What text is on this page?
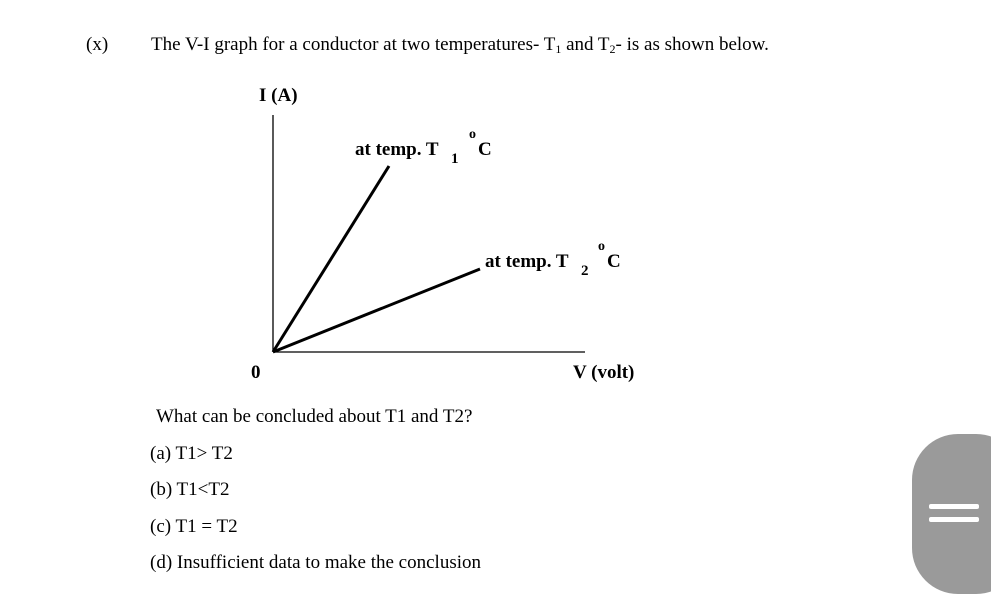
(x) The V-I graph for a conductor at two temperatures- $T_1$ and $T_2-$ is as shown below.
I (A)
V (volt)
0
at temp. T 1
o
C
at temp. T 2
o
C
What can be concluded about T1 and T2?
(a) T1> T2
(b) T1<T2
(c) T1 = T2
(d) Insufficient data to make the conclusion
